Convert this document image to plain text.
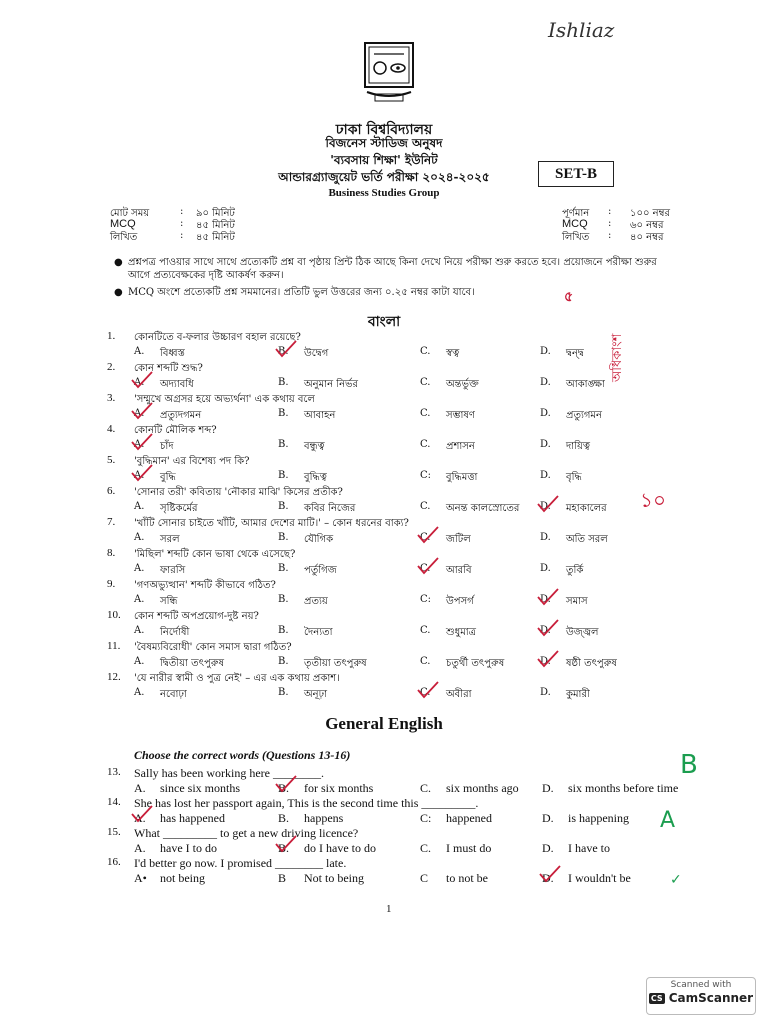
Ishliaz
ঢাকা বিশ্ববিদ্যালয়
বিজনেস স্টাডিজ অনুষদ
'ব্যবসায় শিক্ষা' ইউনিট
আন্ডারগ্র্যাজুয়েট ভর্তি পরীক্ষা ২০২৪-২০২৫
Business Studies Group
SET-B
মোট সময়	:	৯০ মিনিট
MCQ	:	৪৫ মিনিট
লিখিত	:	৪৫ মিনিট
পূর্ণমান	:	১০০ নম্বর
MCQ	:	৬০ নম্বর
লিখিত	:	৪০ নম্বর
● প্রশ্নপত্র পাওয়ার সাথে সাথে প্রত্যেকটি প্রশ্ন বা পৃষ্ঠায় প্রিন্ট ঠিক আছে কিনা দেখে নিয়ে পরীক্ষা শুরু করতে হবে। প্রয়োজনে পরীক্ষা শুরুর আগে প্রত্যবেক্ষকের দৃষ্টি আকর্ষণ করুন।
● MCQ অংশে প্রত্যেকটি প্রশ্ন সমমানের। প্রতিটি ভুল উত্তরের জন্য ০.২৫ নম্বর কাটা যাবে।	৫
বাংলা
1. কোনটিতে ব-ফলার উচ্চারণ বহাল রয়েছে?
A. বিধ্বস্ত	B. উদ্বেগ	C. স্বত্ব	D. দ্বন্দ্ব
2. কোন শব্দটি শুদ্ধ?
A. অদ্যাবধি	B. অনুমান নির্ভর	C. অন্তর্ভুক্ত	D. আকাঙ্ক্ষা
3. 'সম্মুখে অগ্রসর হয়ে অভ্যর্থনা' এক কথায় বলে
A. প্রত্যুদগমন	B. আবাহন	C. সম্ভাষণ	D. প্রত্যুগমন
4. কোনটি মৌলিক শব্দ?
A. চাঁদ	B. বন্ধুত্ব	C. প্রশাসন	D. দায়িত্ব
5. 'বুদ্ধিমান' এর বিশেষ্য পদ কি?
A. বুদ্ধি	B. বুদ্ধিত্ব	C: বুদ্ধিমত্তা	D. বৃদ্ধি
6. 'সোনার তরী' কবিতায় 'নৌকার মাঝি' কিসের প্রতীক?
A. সৃষ্টিকর্মের	B. কবির নিজের	C. অনন্ত কালস্রোতের D. মহাকালের
7. 'খাঁটি সোনার চাইতে খাঁটি, আমার দেশের মাটি।' – কোন ধরনের বাক্য?
A. সরল	B. যৌগিক	C. জটিল	D. অতি সরল
8. 'মিছিল' শব্দটি কোন ভাষা থেকে এসেছে?
A. ফারসি	B. পর্তুগিজ	C. আরবি	D. তুর্কি
9. 'গণঅভ্যুত্থান' শব্দটি কীভাবে গঠিত?
A. সন্ধি	B. প্রত্যয়	C: উপসর্গ	D. সমাস
10. কোন শব্দটি অপপ্রয়োগ-দুষ্ট নয়?
A. নির্দোষী	B. দৈন্যতা	C. শুধুমাত্র	D. উজ্জ্বল
11. 'বৈষম্যবিরোধী' কোন সমাস দ্বারা গঠিত?
A. দ্বিতীয়া তৎপুরুষ	B. তৃতীয়া তৎপুরুষ	C. চতুর্থী তৎপুরুষ	D. ষষ্ঠী তৎপুরুষ
12. 'যে নারীর স্বামী ও পুত্র নেই' – এর এক কথায় প্রকাশ।
A. নবোঢ়া	B. অনূঢ়া	C. অবীরা	D. কুমারী
অধিকাংশ
১০
General English
Choose the correct words (Questions 13-16)
13. Sally has been working here ________.
A. since six months	B. for six months	C. six months ago D. six months before time
14. She has lost her passport again, This is the second time this _________.
A. has happened	B. happens	C: happened	D. is happening
15. What _________ to get a new driving licence?
A. have I to do	B. do I have to do	C. I must do	D. I have to
16. I'd better go now. I promised ________ late.
A• not being	B Not to being	C to not be	D. I wouldn't be
B
A
✓
1
Scanned with
CS CamScanner
